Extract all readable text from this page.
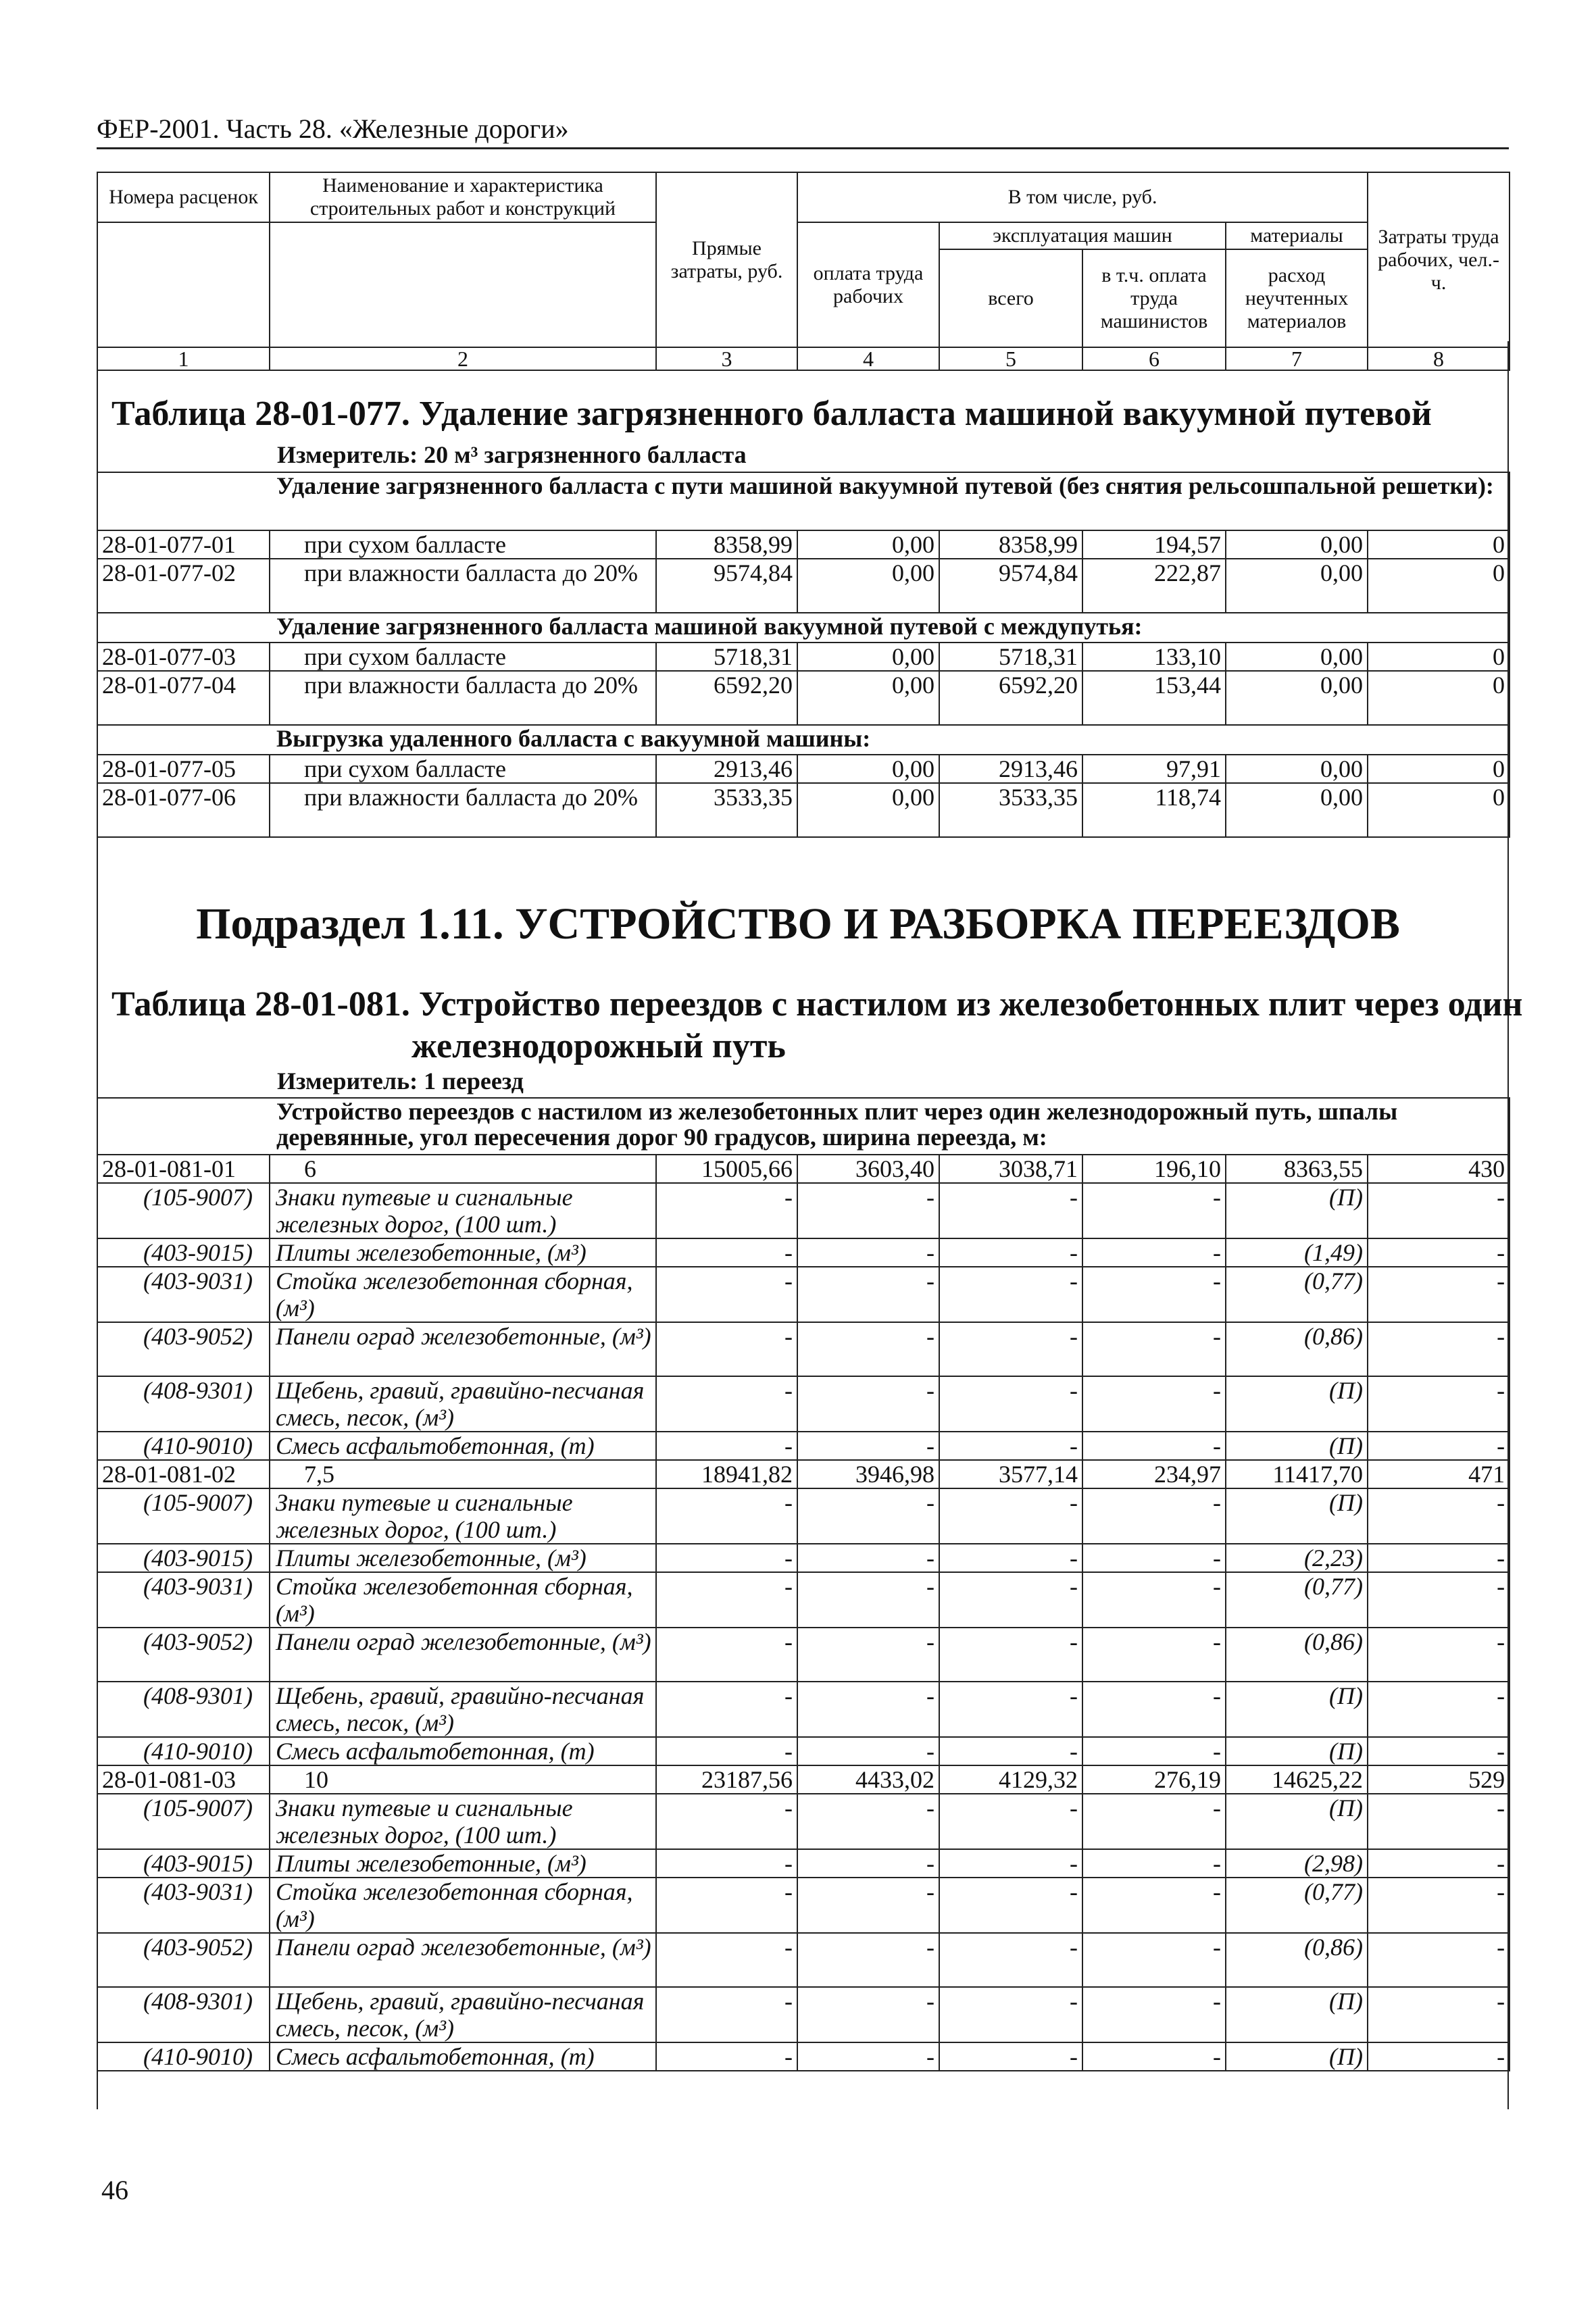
ФЕР-2001. Часть 28. «Железные дороги»
Номера расценок	Наименование и характеристика строительных работ и конструкций	Прямые затраты, руб.	В том числе, руб.				Затраты труда рабочих, чел.-ч.
			оплата труда рабочих	эксплуатация машин		материалы	
				всего	в т.ч. оплата труда машинистов	расход неучтенных материалов	
1	2	3	4	5	6	7	8
Таблица 28-01-077. Удаление загрязненного балласта машиной вакуумной путевой
Измеритель: 20 м³ загрязненного балласта
Удаление загрязненного балласта с пути машиной вакуумной путевой (без снятия рельсошпальной решетки):							
28-01-077-01	при сухом балласте	8358,99	0,00	8358,99	194,57	0,00	0
28-01-077-02	при влажности балласта до 20%	9574,84	0,00	9574,84	222,87	0,00	0
Удаление загрязненного балласта машиной вакуумной путевой с междупутья:							
28-01-077-03	при сухом балласте	5718,31	0,00	5718,31	133,10	0,00	0
28-01-077-04	при влажности балласта до 20%	6592,20	0,00	6592,20	153,44	0,00	0
Выгрузка удаленного балласта с вакуумной машины:							
28-01-077-05	при сухом балласте	2913,46	0,00	2913,46	97,91	0,00	0
28-01-077-06	при влажности балласта до 20%	3533,35	0,00	3533,35	118,74	0,00	0
Подраздел 1.11. УСТРОЙСТВО И РАЗБОРКА ПЕРЕЕЗДОВ
Таблица 28-01-081. Устройство переездов с настилом из железобетонных плит через один
железнодорожный путь
Измеритель: 1 переезд
Устройство переездов с настилом из железобетонных плит через один железнодорожный путь, шпалы деревянные, угол пересечения дорог 90 градусов, ширина переезда, м:							
28-01-081-01	6	15005,66	3603,40	3038,71	196,10	8363,55	430
(105-9007)	Знаки путевые и сигнальные железных дорог, (100 шт.)	-	-	-	-	(П)	-
(403-9015)	Плиты железобетонные, (м³)	-	-	-	-	(1,49)	-
(403-9031)	Стойка железобетонная сборная, (м³)	-	-	-	-	(0,77)	-
(403-9052)	Панели оград железобетонные, (м³)	-	-	-	-	(0,86)	-
(408-9301)	Щебень, гравий, гравийно-песчаная смесь, песок, (м³)	-	-	-	-	(П)	-
(410-9010)	Смесь асфальтобетонная, (т)	-	-	-	-	(П)	-
28-01-081-02	7,5	18941,82	3946,98	3577,14	234,97	11417,70	471
(105-9007)	Знаки путевые и сигнальные железных дорог, (100 шт.)	-	-	-	-	(П)	-
(403-9015)	Плиты железобетонные, (м³)	-	-	-	-	(2,23)	-
(403-9031)	Стойка железобетонная сборная, (м³)	-	-	-	-	(0,77)	-
(403-9052)	Панели оград железобетонные, (м³)	-	-	-	-	(0,86)	-
(408-9301)	Щебень, гравий, гравийно-песчаная смесь, песок, (м³)	-	-	-	-	(П)	-
(410-9010)	Смесь асфальтобетонная, (т)	-	-	-	-	(П)	-
28-01-081-03	10	23187,56	4433,02	4129,32	276,19	14625,22	529
(105-9007)	Знаки путевые и сигнальные железных дорог, (100 шт.)	-	-	-	-	(П)	-
(403-9015)	Плиты железобетонные, (м³)	-	-	-	-	(2,98)	-
(403-9031)	Стойка железобетонная сборная, (м³)	-	-	-	-	(0,77)	-
(403-9052)	Панели оград железобетонные, (м³)	-	-	-	-	(0,86)	-
(408-9301)	Щебень, гравий, гравийно-песчаная смесь, песок, (м³)	-	-	-	-	(П)	-
(410-9010)	Смесь асфальтобетонная, (т)	-	-	-	-	(П)	-
46
